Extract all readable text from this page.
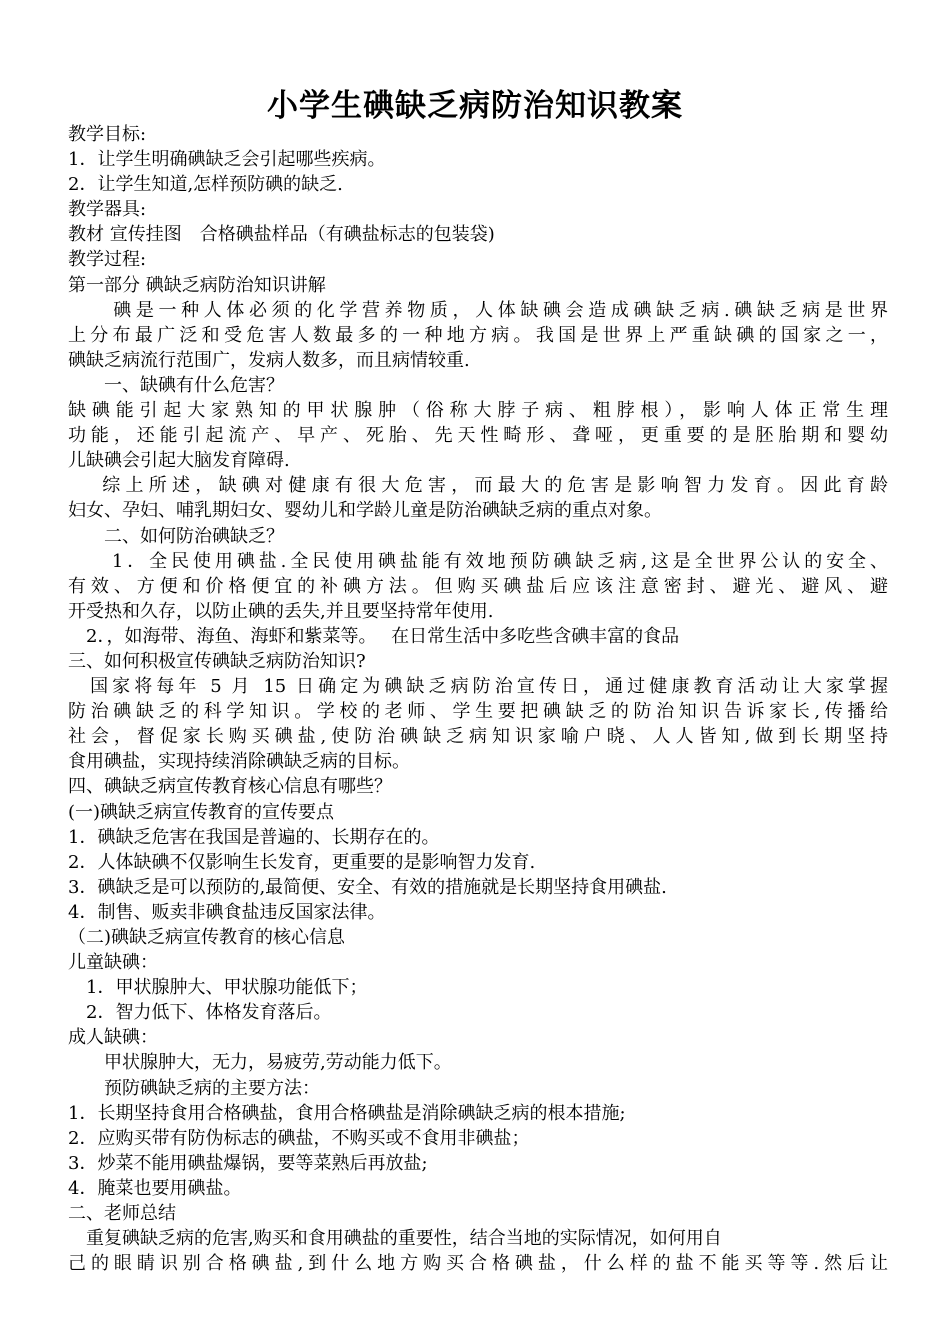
小学生碘缺乏病防治知识教案
教学目标:
1．让学生明确碘缺乏会引起哪些疾病。
2．让学生知道,怎样预防碘的缺乏.
教学器具:
教材 宣传挂图　合格碘盐样品（有碘盐标志的包装袋)
教学过程:
第一部分 碘缺乏病防治知识讲解
　　碘是一种人体必须的化学营养物质，人体缺碘会造成碘缺乏病.碘缺乏病是世界
上分布最广泛和受危害人数最多的一种地方病。我国是世界上严重缺碘的国家之一，
碘缺乏病流行范围广，发病人数多，而且病情较重.
　　一、缺碘有什么危害？
缺碘能引起大家熟知的甲状腺肿（俗称大脖子病、粗脖根），影响人体正常生理
功能，还能引起流产、早产、死胎、先天性畸形、聋哑，更重要的是胚胎期和婴幼
儿缺碘会引起大脑发育障碍.
　 综上所述，缺碘对健康有很大危害，而最大的危害是影响智力发育。因此育龄
妇女、孕妇、哺乳期妇女、婴幼儿和学龄儿童是防治碘缺乏病的重点对象。
　　二、如何防治碘缺乏？
　　1．全民使用碘盐.全民使用碘盐能有效地预防碘缺乏病,这是全世界公认的安全、
有效、方便和价格便宜的补碘方法。但购买碘盐后应该注意密封、避光、避风、避
开受热和久存，以防止碘的丢失,并且要坚持常年使用.
　2．，如海带、海鱼、海虾和紫菜等。　 在日常生活中多吃些含碘丰富的食品
三、如何积极宣传碘缺乏病防治知识?
　国家将每年 5 月 15 日确定为碘缺乏病防治宣传日，通过健康教育活动让大家掌握
防治碘缺乏的科学知识。学校的老师、学生要把碘缺乏的防治知识告诉家长,传播给
社会，督促家长购买碘盐,使防治碘缺乏病知识家喻户晓、人人皆知,做到长期坚持
食用碘盐，实现持续消除碘缺乏病的目标。
四、碘缺乏病宣传教育核心信息有哪些？
(一)碘缺乏病宣传教育的宣传要点
1．碘缺乏危害在我国是普遍的、长期存在的。
2．人体缺碘不仅影响生长发育，更重要的是影响智力发育.
3．碘缺乏是可以预防的,最简便、安全、有效的措施就是长期坚持食用碘盐.
4．制售、贩卖非碘食盐违反国家法律。
（二)碘缺乏病宣传教育的核心信息
儿童缺碘：
　1．甲状腺肿大、甲状腺功能低下；
　2．智力低下、体格发育落后。
成人缺碘：
　　甲状腺肿大，无力，易疲劳,劳动能力低下。
　　预防碘缺乏病的主要方法：
1．长期坚持食用合格碘盐，食用合格碘盐是消除碘缺乏病的根本措施;
2．应购买带有防伪标志的碘盐，不购买或不食用非碘盐；
3．炒菜不能用碘盐爆锅，要等菜熟后再放盐;
4．腌菜也要用碘盐。
二、老师总结
　重复碘缺乏病的危害,购买和食用碘盐的重要性，结合当地的实际情况，如何用自
己的眼睛识别合格碘盐,到什么地方购买合格碘盐，什么样的盐不能买等等.然后让
